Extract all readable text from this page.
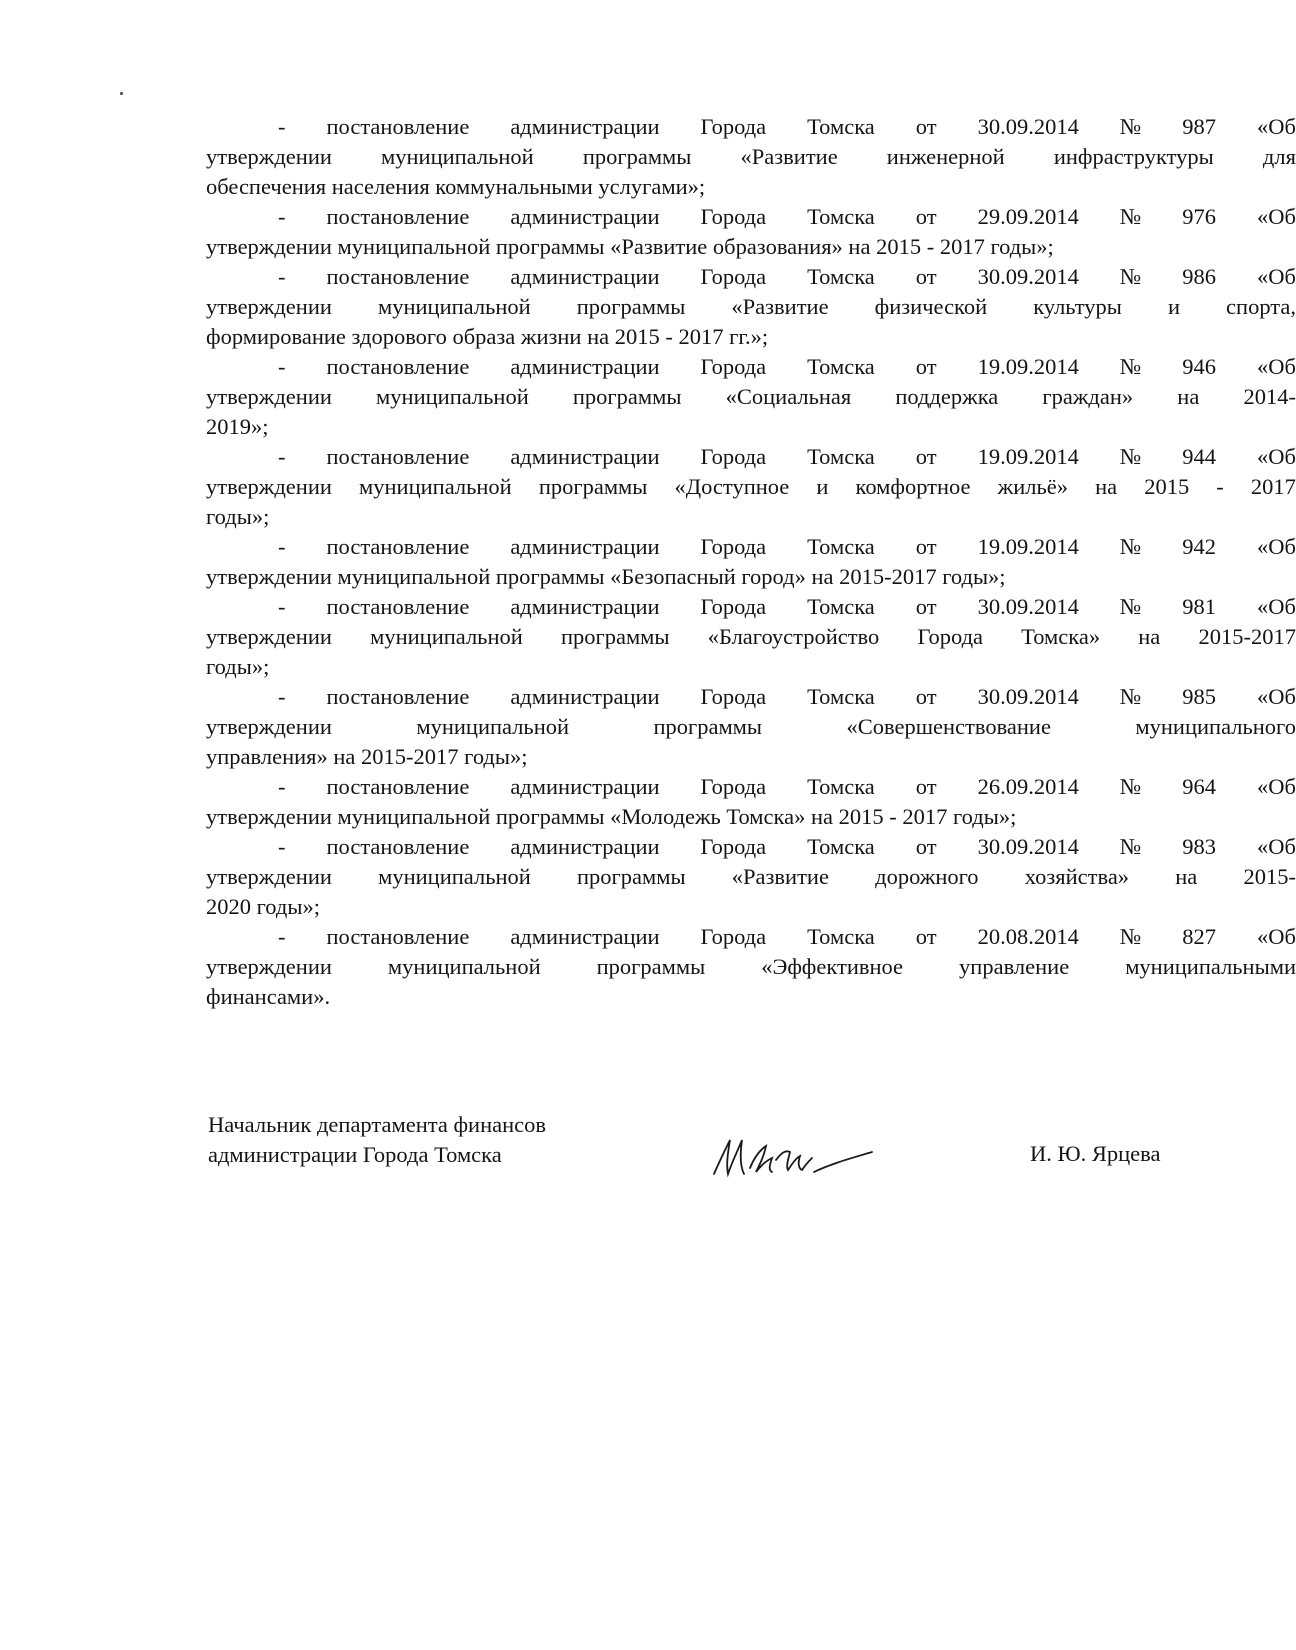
- постановление администрации Города Томска от 30.09.2014 № 987 «Об
утверждении муниципальной программы «Развитие инженерной инфраструктуры для
обеспечения населения коммунальными услугами»;
- постановление администрации Города Томска от 29.09.2014 № 976 «Об
утверждении муниципальной программы «Развитие образования» на 2015 - 2017 годы»;
- постановление администрации Города Томска от 30.09.2014 № 986 «Об
утверждении муниципальной программы «Развитие физической культуры и спорта,
формирование здорового образа жизни на 2015 - 2017 гг.»;
- постановление администрации Города Томска от 19.09.2014 № 946 «Об
утверждении муниципальной программы «Социальная поддержка граждан» на 2014-
2019»;
- постановление администрации Города Томска от 19.09.2014 № 944 «Об
утверждении муниципальной программы «Доступное и комфортное жильё» на 2015 - 2017
годы»;
- постановление администрации Города Томска от 19.09.2014 № 942 «Об
утверждении муниципальной программы «Безопасный город» на 2015-2017 годы»;
- постановление администрации Города Томска от 30.09.2014 № 981 «Об
утверждении муниципальной программы «Благоустройство Города Томска» на 2015-2017
годы»;
- постановление администрации Города Томска от 30.09.2014 № 985 «Об
утверждении	муниципальной	программы	«Совершенствование	муниципального
управления» на 2015-2017 годы»;
- постановление администрации Города Томска от 26.09.2014 № 964 «Об
утверждении муниципальной программы «Молодежь Томска» на 2015 - 2017 годы»;
- постановление администрации Города Томска от 30.09.2014 № 983 «Об
утверждении муниципальной программы «Развитие дорожного хозяйства» на 2015-
2020 годы»;
- постановление администрации Города Томска от 20.08.2014 № 827 «Об
утверждении муниципальной программы «Эффективное управление муниципальными
финансами».
Начальник департамента финансов
администрации Города Томска	И. Ю. Ярцева
